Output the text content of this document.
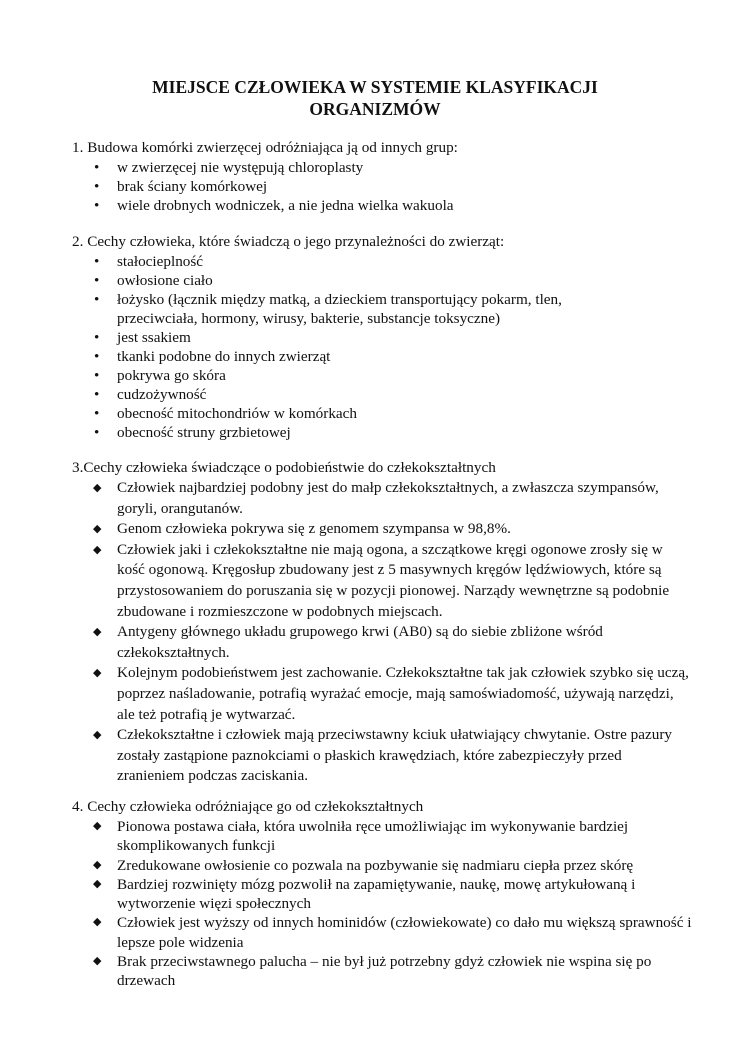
MIEJSCE CZŁOWIEKA W SYSTEMIE KLASYFIKACJI
ORGANIZMÓW

1. Budowa komórki zwierzęcej odróżniająca ją od innych grup:

• w zwierzęcej nie występują chloroplasty
• brak ściany komórkowej
• wiele drobnych wodniczek, a nie jedna wielka wakuola

2. Cechy człowieka, które świadczą o jego przynależności do zwierząt:

• stałocieplność
• owłosione ciało
• łożysko (łącznik między matką, a dzieckiem transportujący pokarm, tlen, przeciwciała, hormony, wirusy, bakterie, substancje toksyczne)
• jest ssakiem
• tkanki podobne do innych zwierząt
• pokrywa go skóra
• cudzożywność
• obecność mitochondriów w komórkach
• obecność struny grzbietowej

3.Cechy człowieka świadczące o podobieństwie do człekokształtnych

◆ Człowiek najbardziej podobny jest do małp człekokształtnych, a zwłaszcza szympansów, goryli, orangutanów.
◆ Genom człowieka pokrywa się z genomem szympansa w 98,8%.
◆ Człowiek jaki i człekokształtne nie mają ogona, a szczątkowe kręgi ogonowe zrosły się w kość ogonową. Kręgosłup zbudowany jest z 5 masywnych kręgów lędźwiowych, które są przystosowaniem do poruszania się w pozycji pionowej. Narządy wewnętrzne są podobnie zbudowane i rozmieszczone w podobnych miejscach.
◆ Antygeny głównego układu grupowego krwi (AB0) są do siebie zbliżone wśród człekokształtnych.
◆ Kolejnym podobieństwem jest zachowanie. Człekokształtne tak jak człowiek szybko się uczą, poprzez naśladowanie, potrafią wyrażać emocje, mają samoświadomość, używają narzędzi, ale też potrafią je wytwarzać.
◆ Człekokształtne i człowiek mają przeciwstawny kciuk ułatwiający chwytanie. Ostre pazury zostały zastąpione paznokciami o płaskich krawędziach, które zabezpieczyły przed zranieniem podczas zaciskania.

4. Cechy człowieka odróżniające go od człekokształtnych

◆ Pionowa postawa ciała, która uwolniła ręce umożliwiając im wykonywanie bardziej skomplikowanych funkcji
◆ Zredukowane owłosienie co pozwala na pozbywanie się nadmiaru ciepła przez skórę
◆ Bardziej rozwinięty mózg pozwolił na zapamiętywanie, naukę, mowę artykułowaną i wytworzenie więzi społecznych
◆ Człowiek jest wyższy od innych hominidów (człowiekowate) co dało mu większą sprawność i lepsze pole widzenia
◆ Brak przeciwstawnego palucha – nie był już potrzebny gdyż człowiek nie wspina się po drzewach
